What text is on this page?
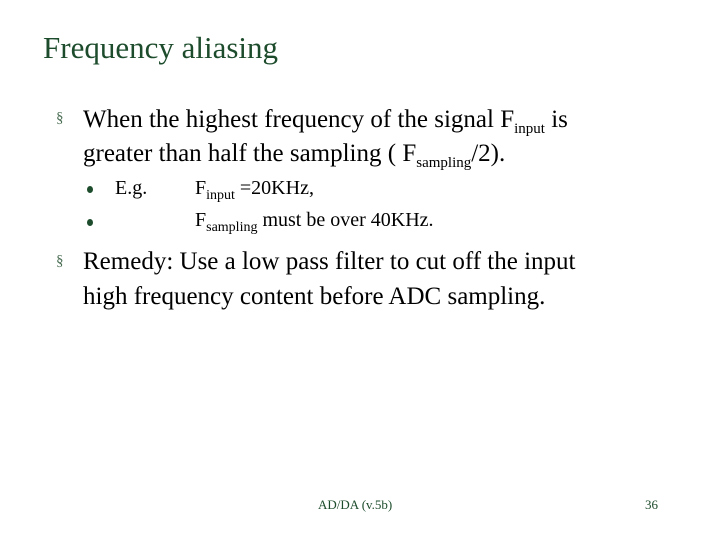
Frequency aliasing
§ When the highest frequency of the signal $F_{input}$ is
greater than half the sampling ( $F_{sampling}/2$).
E.g. $F_{input} =20KHz$,
$F_{sampling}$ must be over 40KHz.
§ Remedy: Use a low pass filter to cut off the input
high frequency content before ADC sampling.
AD/DA (v.5b)	36
